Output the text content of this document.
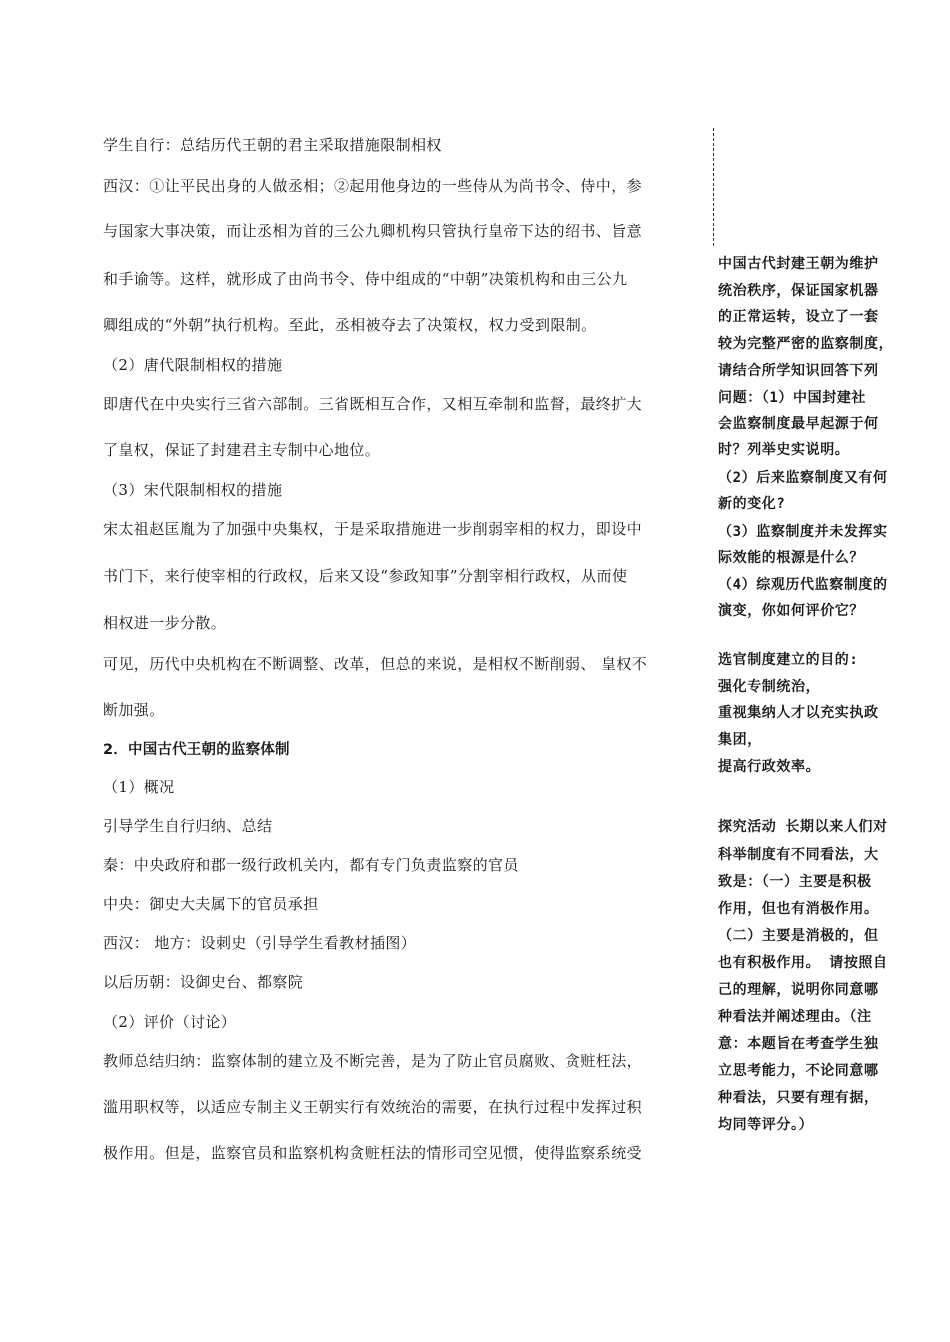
学生自行：总结历代王朝的君主采取措施限制相权
西汉：①让平民出身的人做丞相；②起用他身边的一些侍从为尚书令、侍中，参
与国家大事决策，而让丞相为首的三公九卿机构只管执行皇帝下达的绍书、旨意
和手谕等。这样，就形成了由尚书令、侍中组成的“中朝”决策机构和由三公九
卿组成的“外朝”执行机构。至此，丞相被夺去了决策权，权力受到限制。
（2）唐代限制相权的措施
即唐代在中央实行三省六部制。三省既相互合作，又相互牵制和监督，最终扩大
了皇权，保证了封建君主专制中心地位。
（3）宋代限制相权的措施
宋太祖赵匡胤为了加强中央集权，于是采取措施进一步削弱宰相的权力，即设中
书门下，来行使宰相的行政权，后来又设“参政知事”分割宰相行政权，从而使
相权进一步分散。
可见，历代中央机构在不断调整、改革，但总的来说，是相权不断削弱、 皇权不
断加强。
2．中国古代王朝的监察体制
（1）概况
引导学生自行归纳、总结
秦：中央政府和郡一级行政机关内，都有专门负责监察的官员
中央：御史大夫属下的官员承担
西汉： 地方：设刺史（引导学生看教材插图）
以后历朝：设御史台、都察院
（2）评价（讨论）
教师总结归纳：监察体制的建立及不断完善，是为了防止官员腐败、贪赃枉法，
滥用职权等，以适应专制主义王朝实行有效统治的需要，在执行过程中发挥过积
极作用。但是，监察官员和监察机构贪赃枉法的情形司空见惯，使得监察系统受
中国古代封建王朝为维护
统治秩序，保证国家机器
的正常运转，设立了一套
较为完整严密的监察制度，
请结合所学知识回答下列
问题：（1）中国封建社
会监察制度最早起源于何
时？列举史实说明。
（2）后来监察制度又有何
新的变化?
（3）监察制度并未发挥实
际效能的根源是什么？
（4）综观历代监察制度的
演变，你如何评价它？
选官制度建立的目的:
强化专制统治，
重视集纳人才以充实执政
集团，
提高行政效率。
探究活动 长期以来人们对
科举制度有不同看法，大
致是：（一）主要是积极
作用，但也有消极作用。
（二）主要是消极的，但
也有积极作用。 请按照自
己的理解，说明你同意哪
种看法并阐述理由。（注
意：本题旨在考查学生独
立思考能力，不论同意哪
种看法，只要有理有据，
均同等评分。）
